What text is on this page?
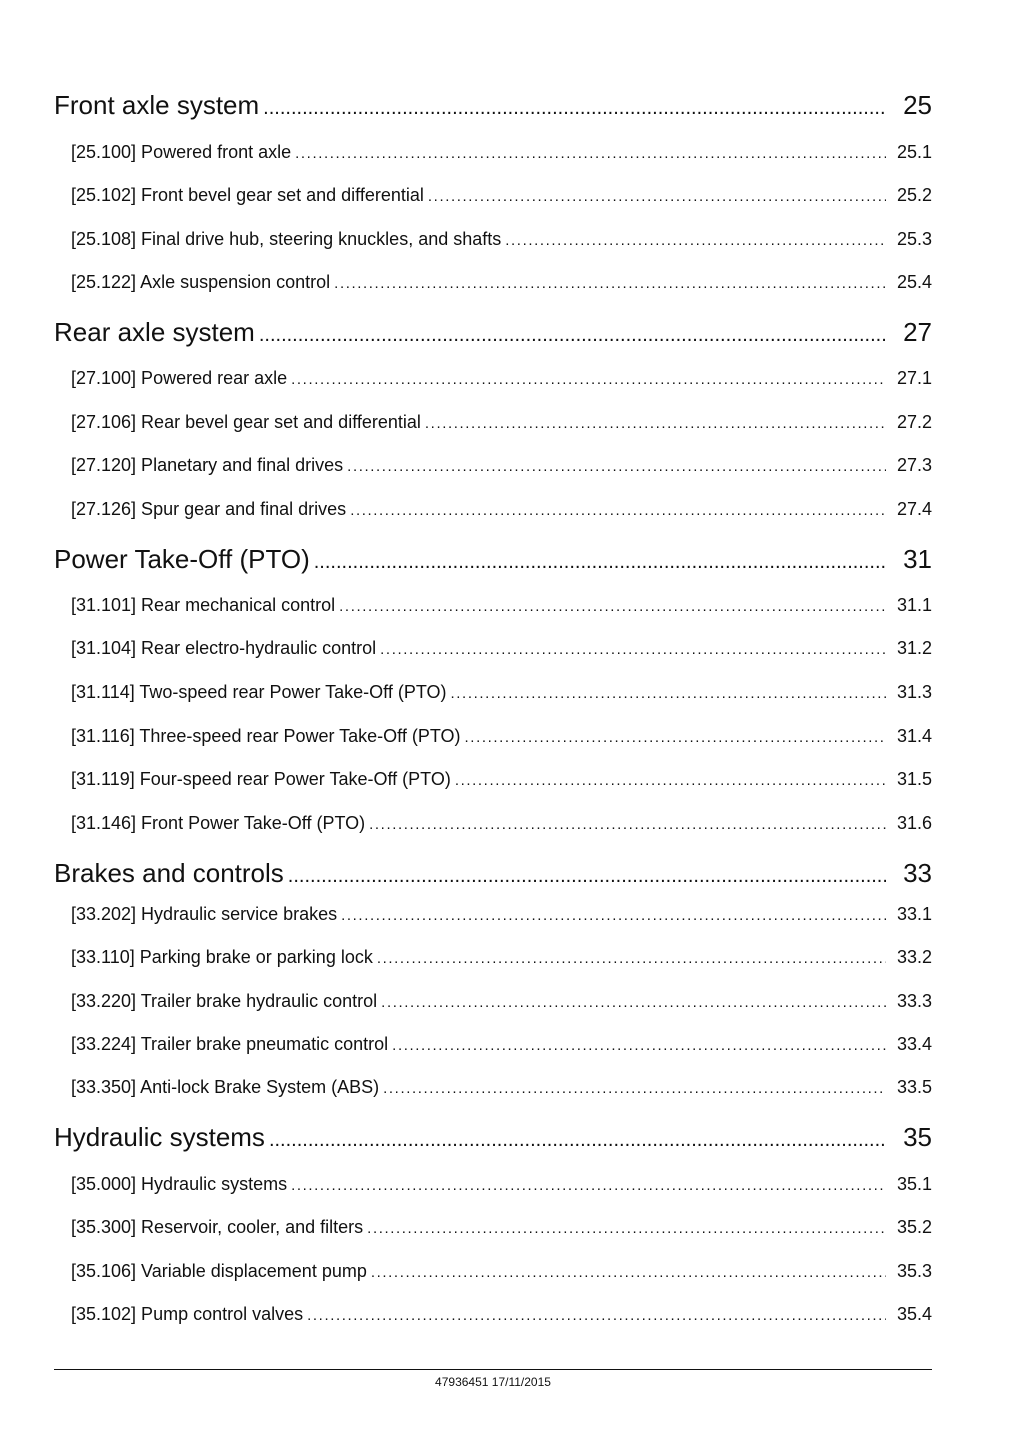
Front axle system .....	25
[25.100] Powered front axle .....	25.1
[25.102] Front bevel gear set and differential .....	25.2
[25.108] Final drive hub, steering knuckles, and shafts .....	25.3
[25.122] Axle suspension control .....	25.4
Rear axle system .....	27
[27.100] Powered rear axle .....	27.1
[27.106] Rear bevel gear set and differential .....	27.2
[27.120] Planetary and final drives .....	27.3
[27.126] Spur gear and final drives .....	27.4
Power Take-Off (PTO) .....	31
[31.101] Rear mechanical control .....	31.1
[31.104] Rear electro-hydraulic control .....	31.2
[31.114] Two-speed rear Power Take-Off (PTO) .....	31.3
[31.116] Three-speed rear Power Take-Off (PTO) .....	31.4
[31.119] Four-speed rear Power Take-Off (PTO) .....	31.5
[31.146] Front Power Take-Off (PTO) .....	31.6
Brakes and controls .....	33
[33.202] Hydraulic service brakes .....	33.1
[33.110] Parking brake or parking lock .....	33.2
[33.220] Trailer brake hydraulic control .....	33.3
[33.224] Trailer brake pneumatic control .....	33.4
[33.350] Anti-lock Brake System (ABS) .....	33.5
Hydraulic systems .....	35
[35.000] Hydraulic systems .....	35.1
[35.300] Reservoir, cooler, and filters .....	35.2
[35.106] Variable displacement pump .....	35.3
[35.102] Pump control valves .....	35.4
47936451 17/11/2015
